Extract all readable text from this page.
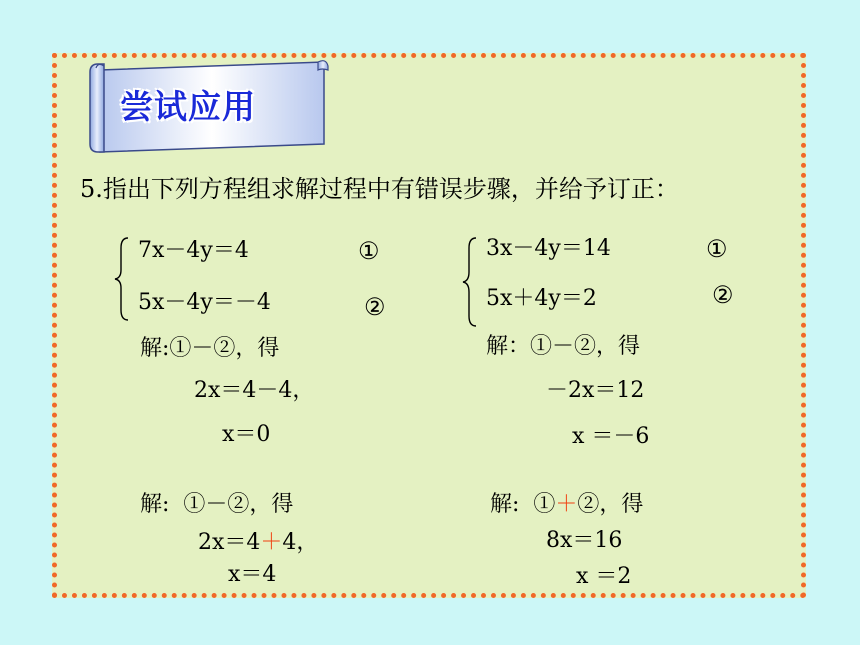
尝试应用
5.指出下列方程组求解过程中有错误步骤，并给予订正：
7x－4y＝4	①
5x－4y＝－4	②
解:①－②，得
2x＝4－4，
x＝0
解:  ①－②，得
2x＝4＋4，
x＝4
3x－4y＝14	①
5x＋4y＝2	②
解：①－②，得
－2x＝12
x ＝－6
解:  ①＋②，得
8x＝16
x ＝2
